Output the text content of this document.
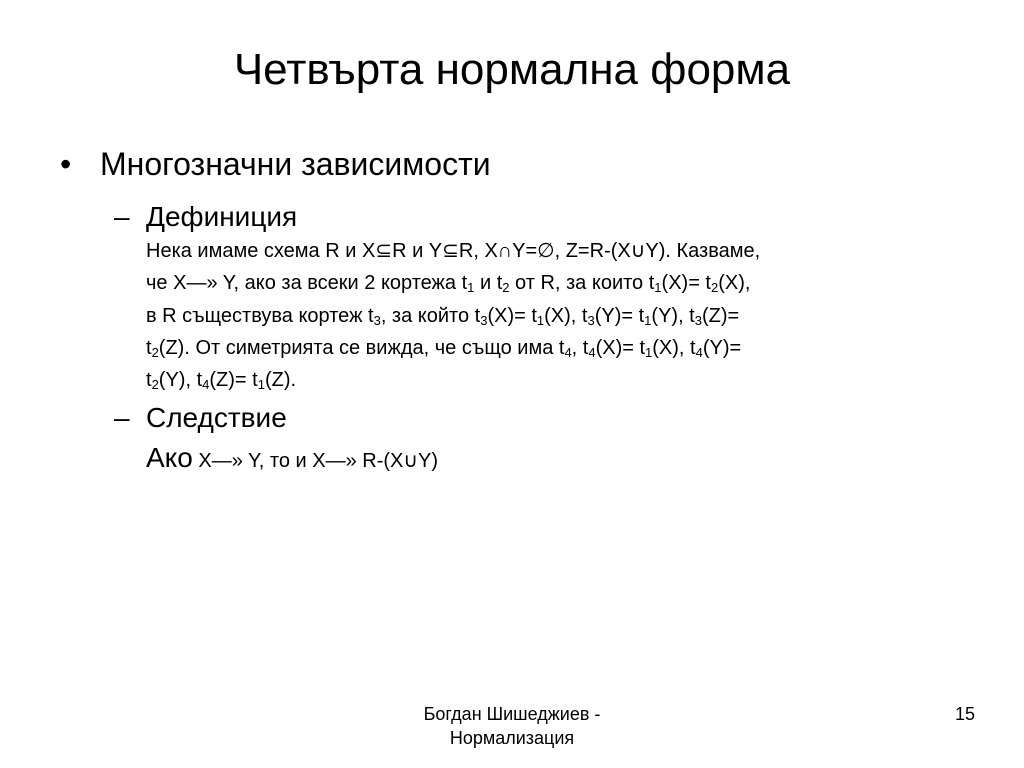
Четвърта нормална форма
• Многозначни зависимости
– Дефиниция
Нека имаме схема R и X⊆R и Y⊆R, X∩Y=∅, Z=R-(X∪Y). Казваме,
че X—» Y, ако за всеки 2 кортежа $t_1$ и $t_2$ от R, за които $t_1(X)= t_2(X)$,
в R съществува кортеж $t_3$, за който $t_3(X)= t_1(X)$, $t_3(Y)= t_1(Y)$, $t_3(Z)=$
$t_2(Z)$. От симетрията се вижда, че също има $t_4$, $t_4(X)= t_1(X)$, $t_4(Y)=$
$t_2(Y)$, $t_4(Z)= t_1(Z)$.
– Следствие
Ако X—» Y, то и X—» R-(X∪Y)
Богдан Шишеджиев -
Нормализация
15
